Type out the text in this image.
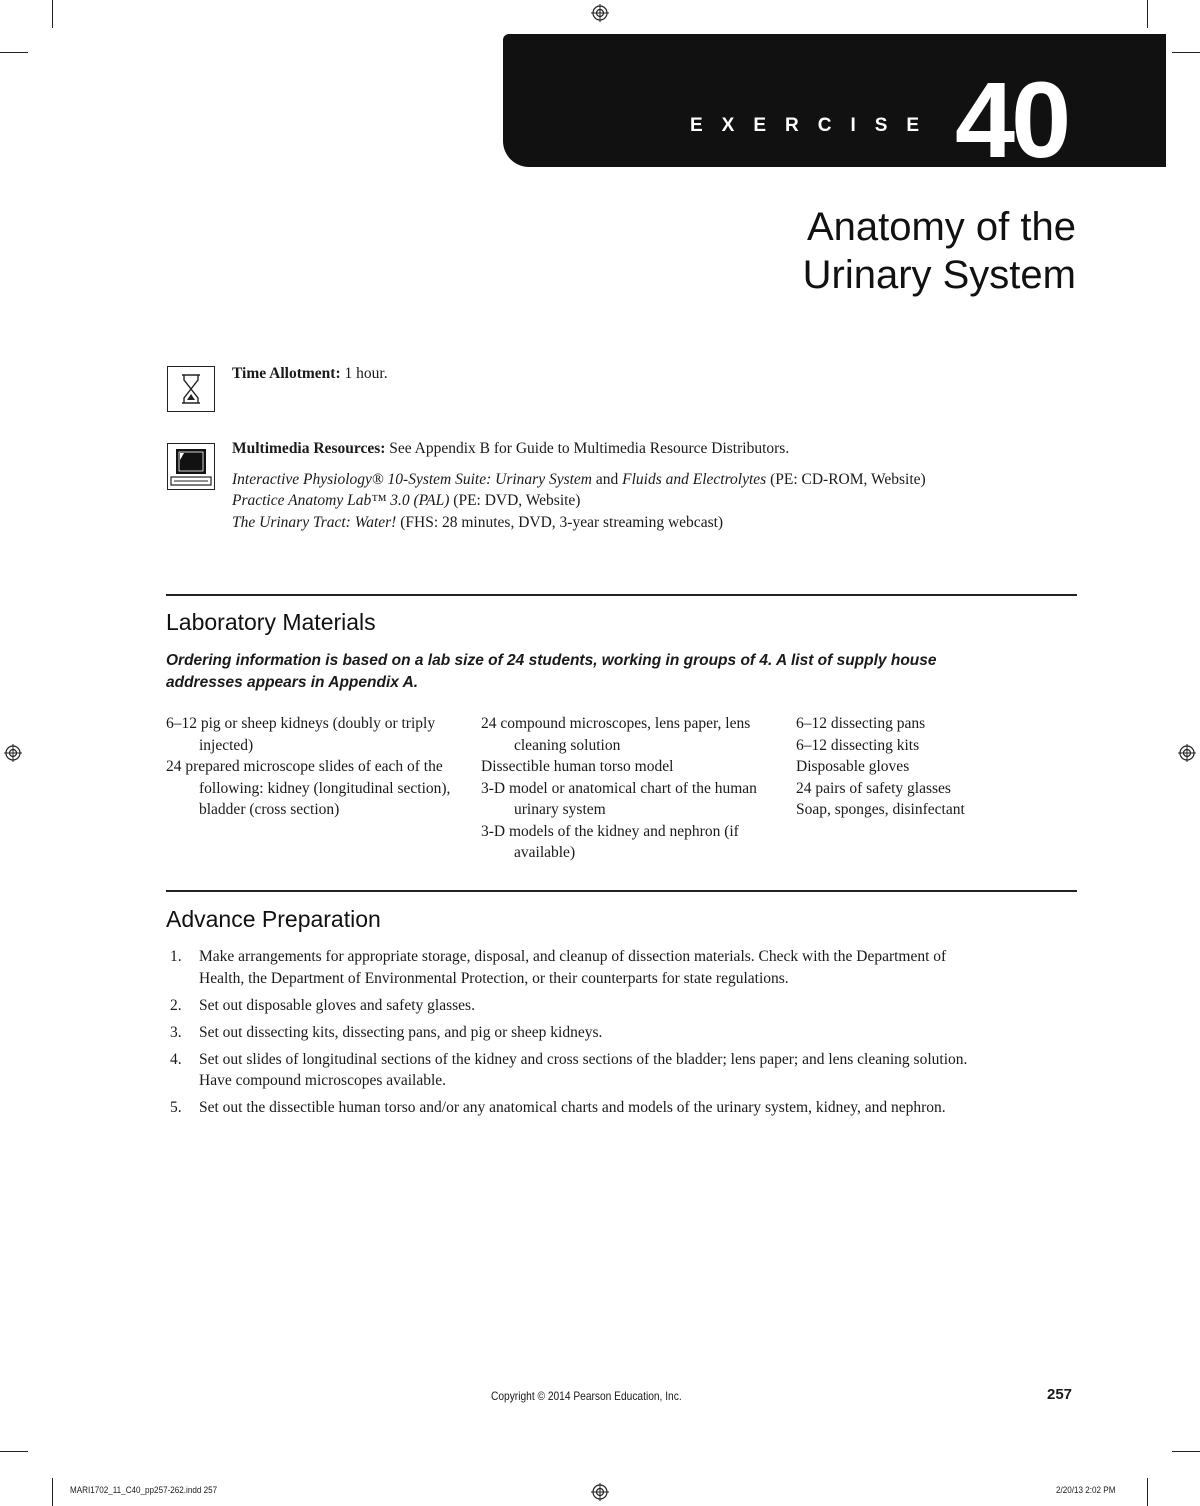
EXERCISE 40
Anatomy of the
Urinary System
Time Allotment: 1 hour.
Multimedia Resources: See Appendix B for Guide to Multimedia Resource Distributors.
Interactive Physiology® 10-System Suite: Urinary System and Fluids and Electrolytes (PE: CD-ROM, Website)
Practice Anatomy Lab™ 3.0 (PAL) (PE: DVD, Website)
The Urinary Tract: Water! (FHS: 28 minutes, DVD, 3-year streaming webcast)
Laboratory Materials
Ordering information is based on a lab size of 24 students, working in groups of 4. A list of supply house addresses appears in Appendix A.
6–12 pig or sheep kidneys (doubly or triply injected)
24 prepared microscope slides of each of the following: kidney (longitudinal section), bladder (cross section)
24 compound microscopes, lens paper, lens cleaning solution
Dissectible human torso model
3-D model or anatomical chart of the human urinary system
3-D models of the kidney and nephron (if available)
6–12 dissecting pans
6–12 dissecting kits
Disposable gloves
24 pairs of safety glasses
Soap, sponges, disinfectant
Advance Preparation
1. Make arrangements for appropriate storage, disposal, and cleanup of dissection materials. Check with the Department of Health, the Department of Environmental Protection, or their counterparts for state regulations.
2. Set out disposable gloves and safety glasses.
3. Set out dissecting kits, dissecting pans, and pig or sheep kidneys.
4. Set out slides of longitudinal sections of the kidney and cross sections of the bladder; lens paper; and lens cleaning solution. Have compound microscopes available.
5. Set out the dissectible human torso and/or any anatomical charts and models of the urinary system, kidney, and nephron.
Copyright © 2014 Pearson Education, Inc.	257
MARI1702_11_C40_pp257-262.indd 257	2/20/13 2:02 PM
